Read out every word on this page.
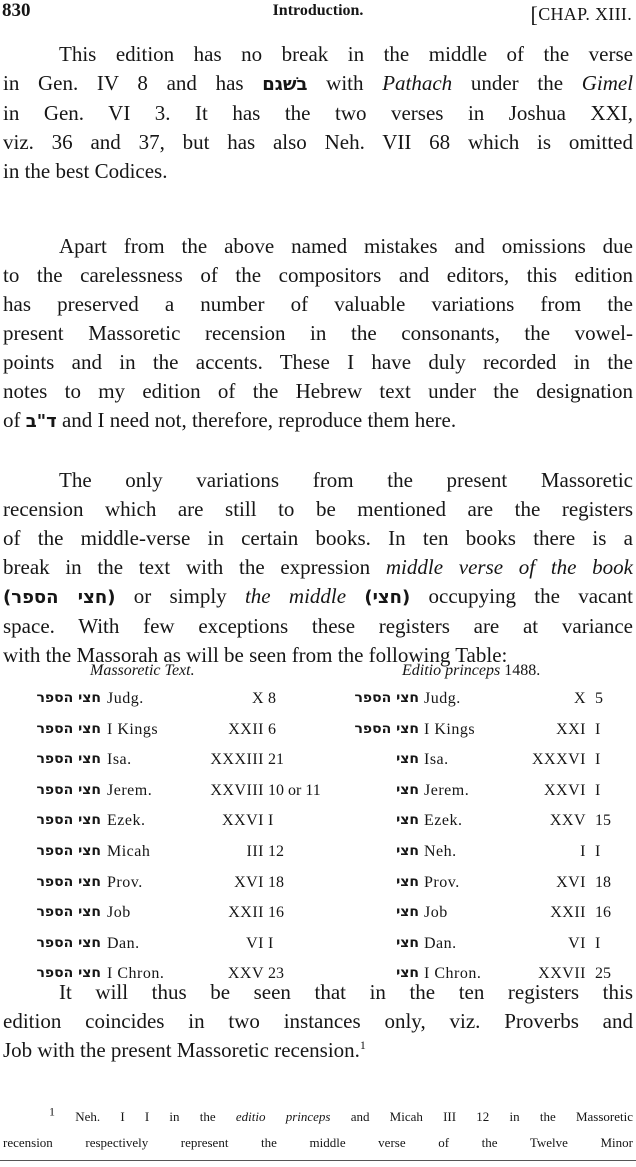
830	Introduction.	[CHAP. XIII.
This edition has no break in the middle of the verse
in Gen. IV 8 and has בשׁגם with Pathach under the Gimel
in Gen. VI 3. It has the two verses in Joshua XXI,
viz. 36 and 37, but has also Neh. VII 68 which is omitted
in the best Codices.
Apart from the above named mistakes and omissions due
to the carelessness of the compositors and editors, this edition
has preserved a number of valuable variations from the
present Massoretic recension in the consonants, the vowel-
points and in the accents. These I have duly recorded in the
notes to my edition of the Hebrew text under the designation
of ד"ב and I need not, therefore, reproduce them here.
The only variations from the present Massoretic
recension which are still to be mentioned are the registers
of the middle-verse in certain books. In ten books there is a
break in the text with the expression middle verse of the book
(חצי הספר) or simply the middle (חצי) occupying the vacant
space. With few exceptions these registers are at variance
with the Massorah as will be seen from the following Table:
Massoretic Text.	Editio princeps 1488.
חצי הספר Judg.	X 8	חצי הספר Judg.	X 5
חצי הספר I Kings	XXII 6	חצי הספר I Kings	XXI I
חצי הספר Isa.	XXXIII 21	חצי Isa.	XXXVI I
חצי הספר Jerem.	XXVIII 10 or 11	חצי Jerem.	XXVI I
חצי הספר Ezek.	XXVI I	חצי Ezek.	XXV 15
חצי הספר Micah	III 12	חצי Neh.	I I
חצי הספר Prov.	XVI 18	חצי Prov.	XVI 18
חצי הספר Job	XXII 16	חצי Job	XXII 16
חצי הספר Dan.	VI I	חצי Dan.	VI I
חצי הספר I Chron.	XXV 23	חצי I Chron.	XXVII 25
It will thus be seen that in the ten registers this
edition coincides in two instances only, viz. Proverbs and
Job with the present Massoretic recension.$^1$
$^1$ Neh. I I in the editio princeps and Micah III 12 in the Massoretic
recension respectively represent the middle verse of the Twelve Minor
